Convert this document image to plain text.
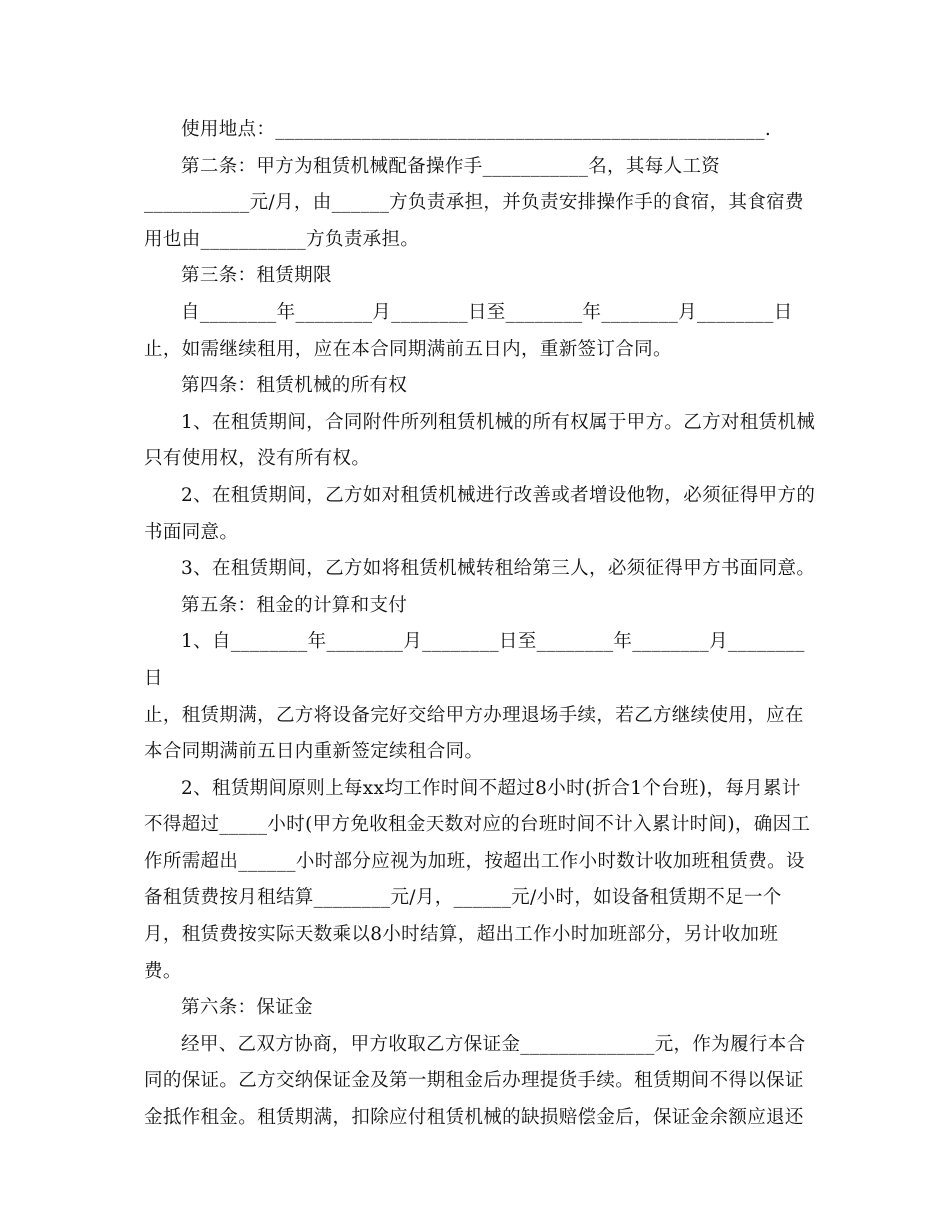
使用地点：___________________________________________________.

第二条：甲方为租赁机械配备操作手___________名，其每人工资

___________元/月，由______方负责承担，并负责安排操作手的食宿，其食宿费

用也由___________方负责承担。

第三条：租赁期限

自________年________月________日至________年________月________日

止，如需继续租用，应在本合同期满前五日内，重新签订合同。

第四条：租赁机械的所有权

1、在租赁期间，合同附件所列租赁机械的所有权属于甲方。乙方对租赁机械

只有使用权，没有所有权。

2、在租赁期间，乙方如对租赁机械进行改善或者增设他物，必须征得甲方的

书面同意。

3、在租赁期间，乙方如将租赁机械转租给第三人，必须征得甲方书面同意。

第五条：租金的计算和支付

1、自________年________月________日至________年________月________日

止，租赁期满，乙方将设备完好交给甲方办理退场手续，若乙方继续使用，应在

本合同期满前五日内重新签定续租合同。

2、租赁期间原则上每xx均工作时间不超过8小时(折合1个台班)，每月累计

不得超过_____小时(甲方免收租金天数对应的台班时间不计入累计时间)，确因工

作所需超出______小时部分应视为加班，按超出工作小时数计收加班租赁费。设

备租赁费按月租结算________元/月，______元/小时，如设备租赁期不足一个

月，租赁费按实际天数乘以8小时结算，超出工作小时加班部分，另计收加班

费。

第六条：保证金

经甲、乙双方协商，甲方收取乙方保证金______________元，作为履行本合

同的保证。乙方交纳保证金及第一期租金后办理提货手续。租赁期间不得以保证

金抵作租金。租赁期满，扣除应付租赁机械的缺损赔偿金后，保证金余额应退还
